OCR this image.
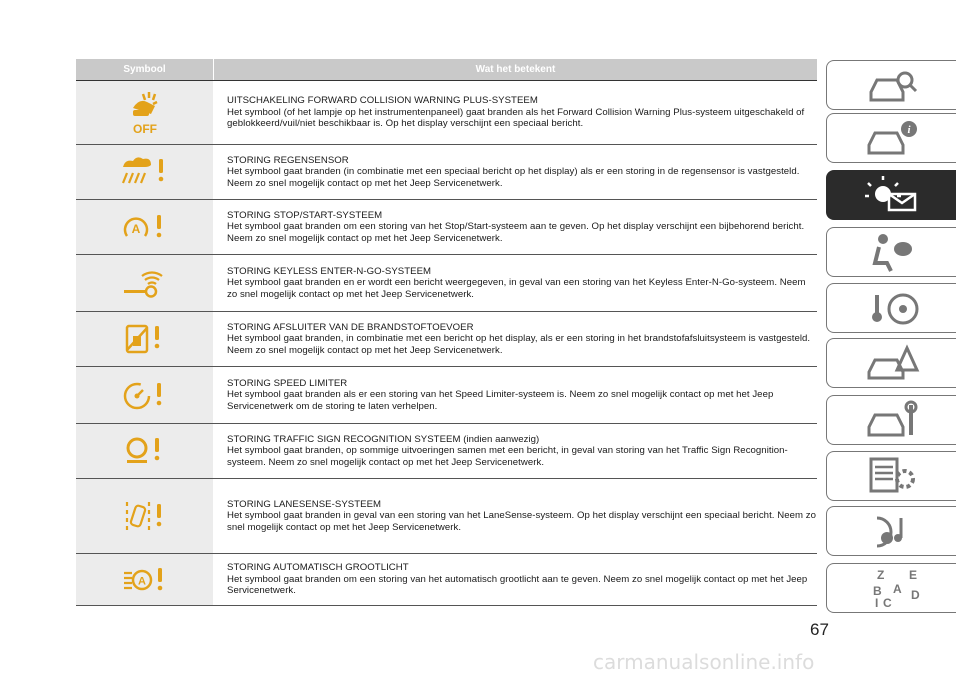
Symbool	Wat het betekent
OFF
UITSCHAKELING FORWARD COLLISION WARNING PLUS-SYSTEEM
Het symbool (of het lampje op het instrumentenpaneel) gaat branden als het Forward Collision Warning Plus-systeem uitgeschakeld of geblokkeerd/vuil/niet beschikbaar is. Op het display verschijnt een speciaal bericht.
STORING REGENSENSOR
Het symbool gaat branden (in combinatie met een speciaal bericht op het display) als er een storing in de regensensor is vastgesteld. Neem zo snel mogelijk contact op met het Jeep Servicenetwerk.
A
STORING STOP/START-SYSTEEM
Het symbool gaat branden om een storing van het Stop/Start-systeem aan te geven. Op het display verschijnt een bijbehorend bericht. Neem zo snel mogelijk contact op met het Jeep Servicenetwerk.
STORING KEYLESS ENTER-N-GO-SYSTEEM
Het symbool gaat branden en er wordt een bericht weergegeven, in geval van een storing van het Keyless Enter-N-Go-systeem. Neem zo snel mogelijk contact op met het Jeep Servicenetwerk.
STORING AFSLUITER VAN DE BRANDSTOFTOEVOER
Het symbool gaat branden, in combinatie met een bericht op het display, als er een storing in het brandstofafsluitsysteem is vastgesteld. Neem zo snel mogelijk contact op met het Jeep Servicenetwerk.
STORING SPEED LIMITER
Het symbool gaat branden als er een storing van het Speed Limiter-systeem is. Neem zo snel mogelijk contact op met het Jeep Servicenetwerk om de storing te laten verhelpen.
STORING TRAFFIC SIGN RECOGNITION SYSTEEM (indien aanwezig)
Het symbool gaat branden, op sommige uitvoeringen samen met een bericht, in geval van storing van het Traffic Sign Recognition-systeem. Neem zo snel mogelijk contact op met het Jeep Servicenetwerk.
STORING LANESENSE-SYSTEEM
Het symbool gaat branden in geval van een storing van het LaneSense-systeem. Op het display verschijnt een speciaal bericht. Neem zo snel mogelijk contact op met het Jeep Servicenetwerk.
A
STORING AUTOMATISCH GROOTLICHT
Het symbool gaat branden om een storing van het automatisch grootlicht aan te geven. Neem zo snel mogelijk contact op met het Jeep Servicenetwerk.
i
Z E
B A
C
D
I
67
carmanualsonline.info
